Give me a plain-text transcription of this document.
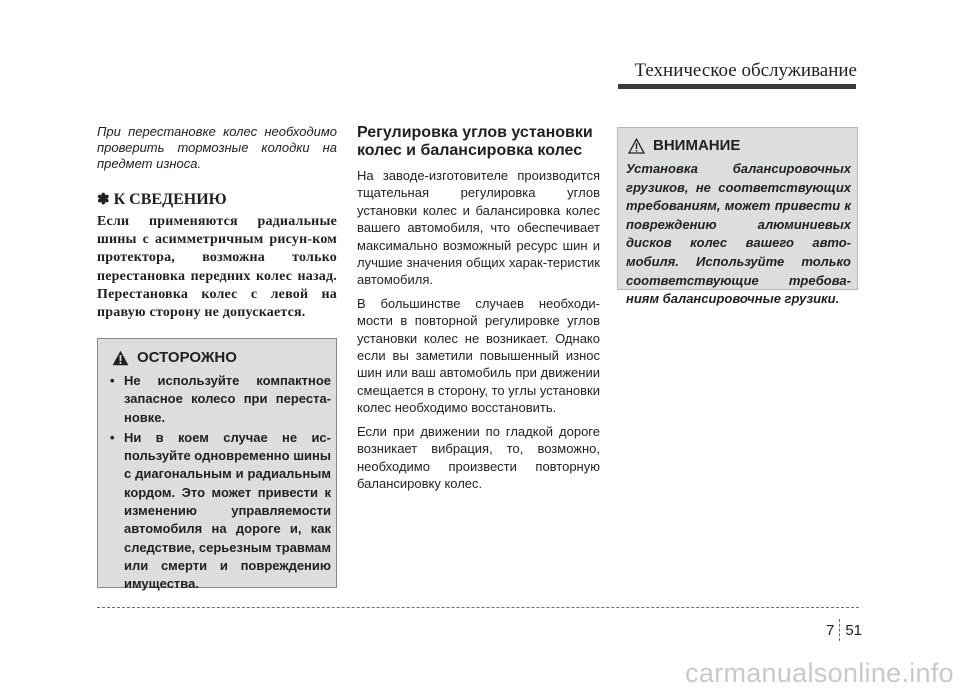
Техническое обслуживание

При перестановке колес необходимо проверить тормозные колодки на предмет износа.

✽ К СВЕДЕНИЮ

Если применяются радиальные шины с асимметричным рисун-ком протектора, возможна только перестановка передних колес назад. Перестановка колес с левой на правую сторону не допускается.

ОСТОРОЖНО
• Не используйте компактное запасное колесо при переста-новке.
• Ни в коем случае не ис-пользуйте одновременно шины с диагональным и радиальным кордом. Это может привести к изменению управляемости автомобиля на дороге и, как следствие, серьезным травмам или смерти и повреждению имущества.
Регулировка углов установки колес и балансировка колес

На заводе-изготовителе производится тщательная регулировка углов установки колес и балансировка колес вашего автомобиля, что обеспечивает максимально возможный ресурс шин и лучшие значения общих харак-теристик автомобиля.

В большинстве случаев необходи-мости в повторной регулировке углов установки колес не возникает. Однако если вы заметили повышенный износ шин или ваш автомобиль при движении смещается в сторону, то углы установки колес необходимо восстановить.

Если при движении по гладкой дороге возникает вибрация, то, возможно, необходимо произвести повторную балансировку колес.

ВНИМАНИЕ

Установка балансировочных грузиков, не соответствующих требованиям, может привести к повреждению алюминиевых дисков колес вашего авто-мобиля. Используйте только соответствующие требова-ниям балансировочные грузики.

7 51
carmanualsonline.info
